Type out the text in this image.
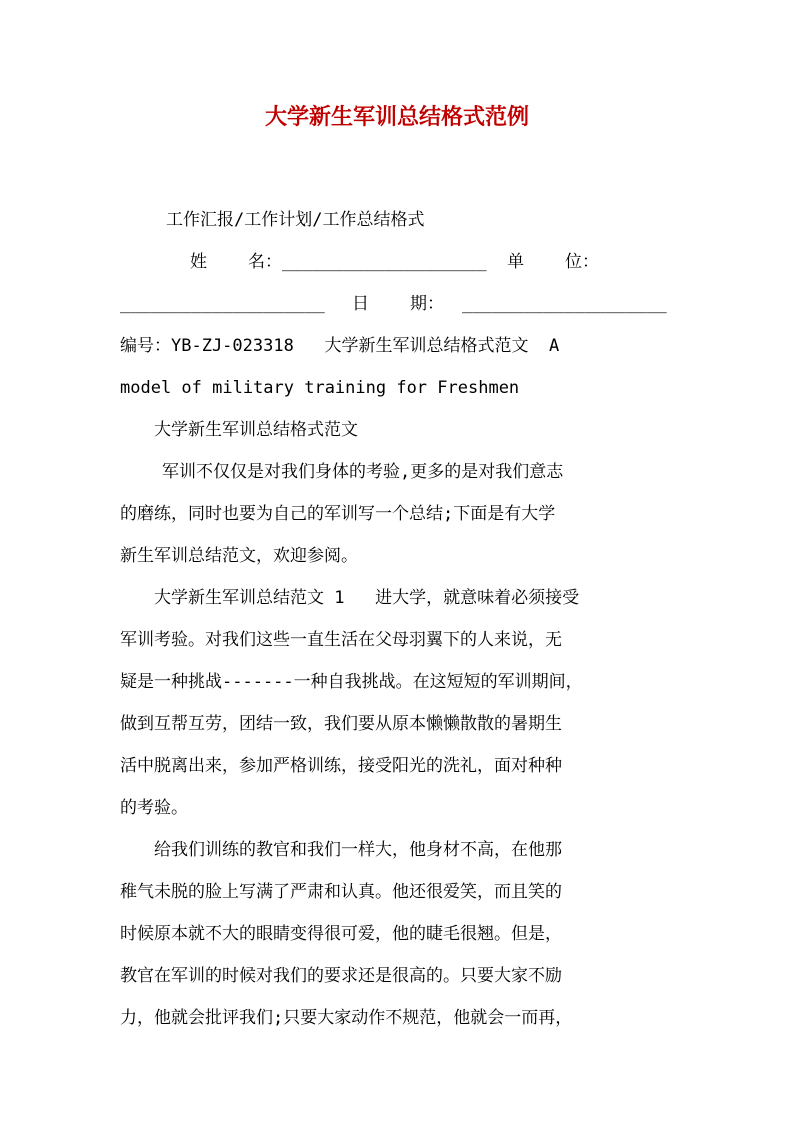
大学新生军训总结格式范例
工作汇报/工作计划/工作总结格式
姓    名：____________________  单    位：
____________________	日    期：	____________________
编号：YB-ZJ-023318   大学新生军训总结格式范文  A
model of military training for Freshmen
大学新生军训总结格式范文
军训不仅仅是对我们身体的考验,更多的是对我们意志
的磨练，同时也要为自己的军训写一个总结;下面是有大学
新生军训总结范文，欢迎参阅。
大学新生军训总结范文 1   进大学，就意味着必须接受
军训考验。对我们这些一直生活在父母羽翼下的人来说，无
疑是一种挑战-------一种自我挑战。在这短短的军训期间，
做到互帮互劳，团结一致，我们要从原本懒懒散散的暑期生
活中脱离出来，参加严格训练，接受阳光的洗礼，面对种种
的考验。
给我们训练的教官和我们一样大，他身材不高，在他那
稚气未脱的脸上写满了严肃和认真。他还很爱笑，而且笑的
时候原本就不大的眼睛变得很可爱，他的睫毛很翘。但是，
教官在军训的时候对我们的要求还是很高的。只要大家不励
力，他就会批评我们;只要大家动作不规范，他就会一而再，
